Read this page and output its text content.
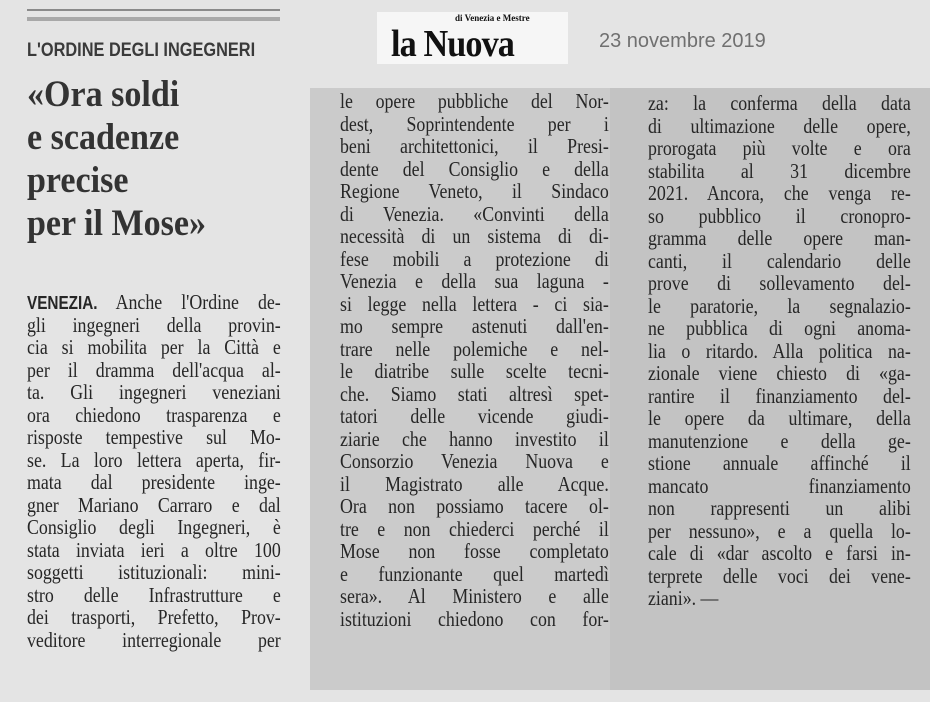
L'ORDINE DEGLI INGEGNERI
di Venezia e Mestre
la Nuova	23 novembre 2019
«Ora soldi
e scadenze
precise
per il Mose»
VENEZIA. Anche l'Ordine de-
gli ingegneri della provin-
cia si mobilita per la Città e
per il dramma dell'acqua al-
ta. Gli ingegneri veneziani
ora chiedono trasparenza e
risposte tempestive sul Mo-
se. La loro lettera aperta, fir-
mata dal presidente inge-
gner Mariano Carraro e dal
Consiglio degli Ingegneri, è
stata inviata ieri a oltre 100
soggetti istituzionali: mini-
stro delle Infrastrutture e
dei trasporti, Prefetto, Prov-
veditore interregionale per
le opere pubbliche del Nor-
dest, Soprintendente per i
beni architettonici, il Presi-
dente del Consiglio e della
Regione Veneto, il Sindaco
di Venezia. «Convinti della
necessità di un sistema di di-
fese mobili a protezione di
Venezia e della sua laguna -
si legge nella lettera - ci sia-
mo sempre astenuti dall'en-
trare nelle polemiche e nel-
le diatribe sulle scelte tecni-
che. Siamo stati altresì spet-
tatori delle vicende giudi-
ziarie che hanno investito il
Consorzio Venezia Nuova e
il Magistrato alle Acque.
Ora non possiamo tacere ol-
tre e non chiederci perché il
Mose non fosse completato
e funzionante quel martedì
sera». Al Ministero e alle
istituzioni chiedono con for-
za: la conferma della data
di ultimazione delle opere,
prorogata più volte e ora
stabilita al 31 dicembre
2021. Ancora, che venga re-
so pubblico il cronopro-
gramma delle opere man-
canti, il calendario delle
prove di sollevamento del-
le paratorie, la segnalazio-
ne pubblica di ogni anoma-
lia o ritardo. Alla politica na-
zionale viene chiesto di «ga-
rantire il finanziamento del-
le opere da ultimare, della
manutenzione e della ge-
stione annuale affinché il
mancato finanziamento
non rappresenti un alibi
per nessuno», e a quella lo-
cale di «dar ascolto e farsi in-
terprete delle voci dei vene-
ziani». —
